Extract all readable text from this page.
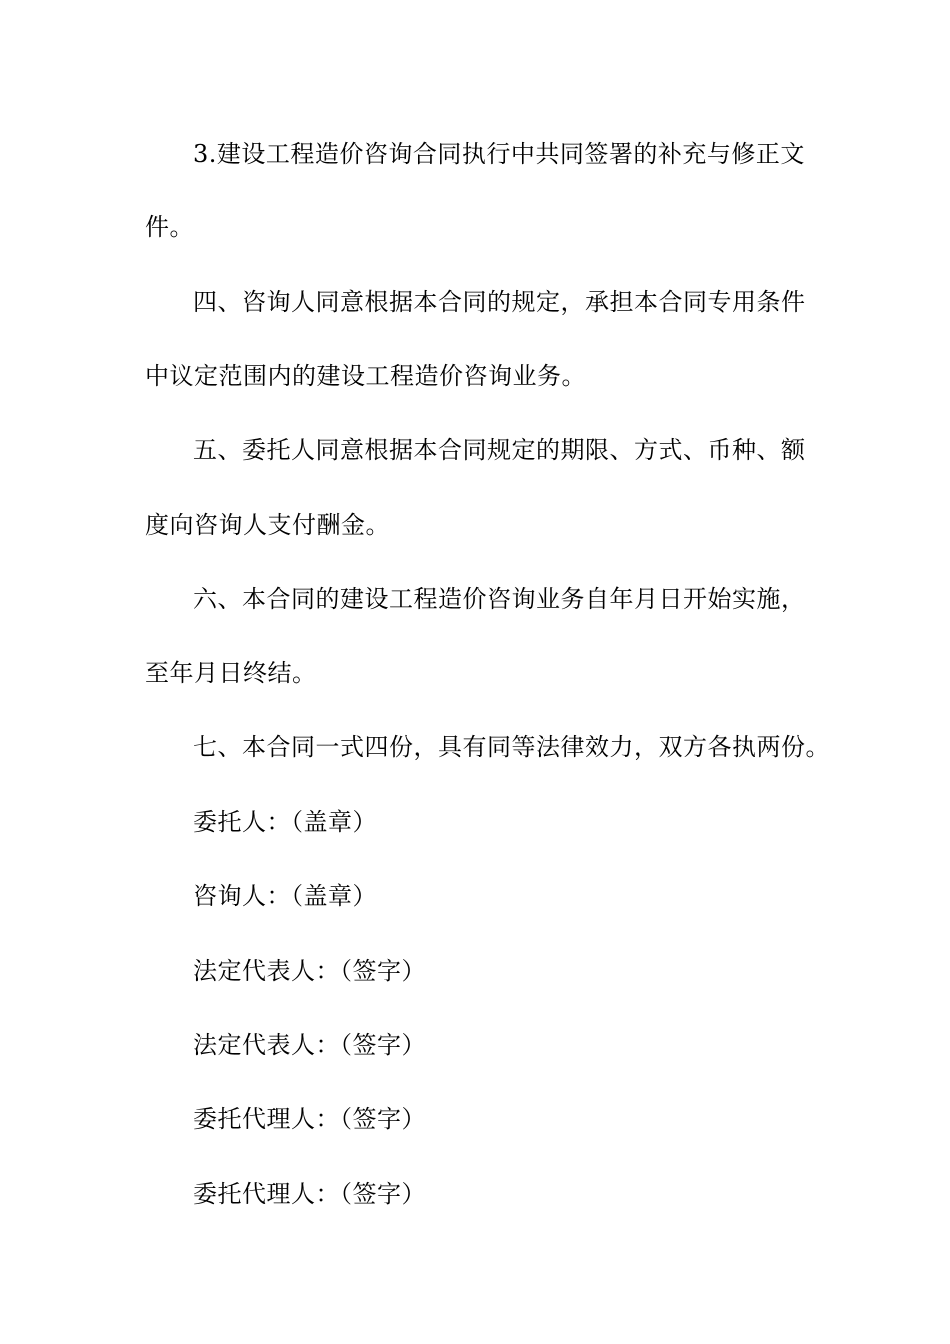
3.建设工程造价咨询合同执行中共同签署的补充与修正文
件。
四、咨询人同意根据本合同的规定，承担本合同专用条件
中议定范围内的建设工程造价咨询业务。
五、委托人同意根据本合同规定的期限、方式、币种、额
度向咨询人支付酬金。
六、本合同的建设工程造价咨询业务自年月日开始实施，
至年月日终结。
七、本合同一式四份，具有同等法律效力，双方各执两份。
委托人：（盖章）
咨询人：（盖章）
法定代表人：（签字）
法定代表人：（签字）
委托代理人：（签字）
委托代理人：（签字）
